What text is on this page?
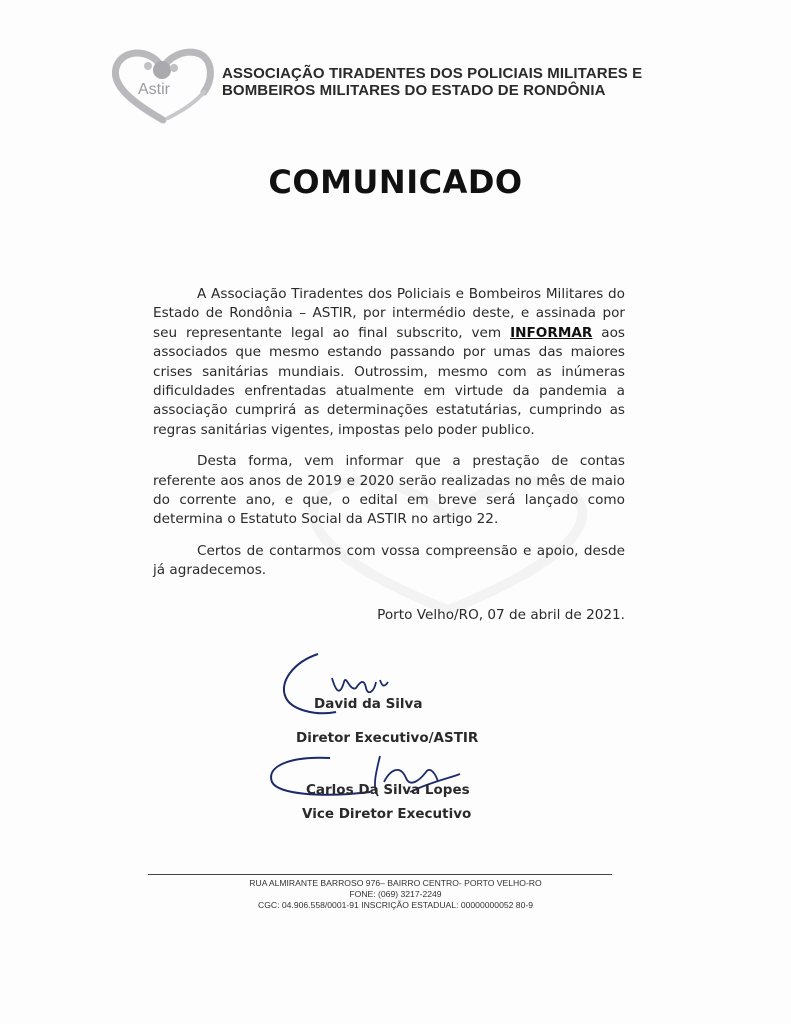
Astir
ASSOCIAÇÃO TIRADENTES DOS POLICIAIS MILITARES E
BOMBEIROS MILITARES DO ESTADO DE RONDÔNIA
COMUNICADO

A Associação Tiradentes dos Policiais e Bombeiros Militares do Estado de Rondônia – ASTIR, por intermédio deste, e assinada por seu representante legal ao final subscrito, vem INFORMAR aos associados que mesmo estando passando por umas das maiores crises sanitárias mundiais. Outrossim, mesmo com as inúmeras dificuldades enfrentadas atualmente em virtude da pandemia a associação cumprirá as determinações estatutárias, cumprindo as regras sanitárias vigentes, impostas pelo poder publico.

Desta forma, vem informar que a prestação de contas referente aos anos de 2019 e 2020 serão realizadas no mês de maio do corrente ano, e que, o edital em breve será lançado como determina o Estatuto Social da ASTIR no artigo 22.

Certos de contarmos com vossa compreensão e apoio, desde já agradecemos.

Porto Velho/RO, 07 de abril de 2021.
David da Silva
Diretor Executivo/ASTIR
Carlos Da Silva Lopes
Vice Diretor Executivo
RUA ALMIRANTE BARROSO 976– BAIRRO CENTRO- PORTO VELHO-RO
FONE: (069) 3217-2249
CGC: 04.906.558/0001-91 INSCRIÇÃO ESTADUAL: 00000000052 80-9
